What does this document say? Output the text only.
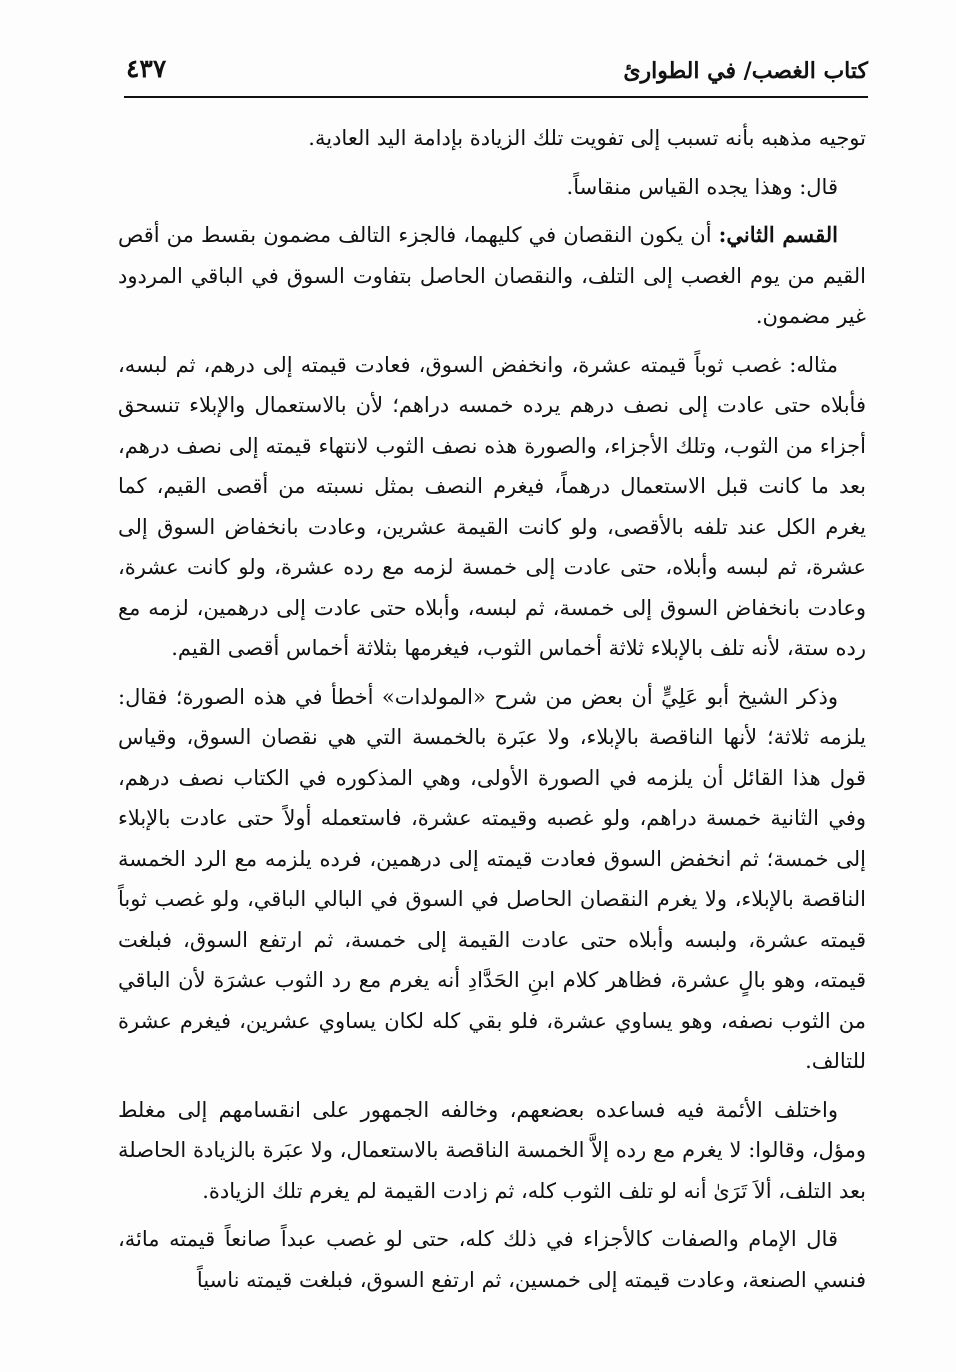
كتاب الغصب/ في الطوارئ
٤٣٧

توجيه مذهبه بأنه تسبب إلى تفويت تلك الزيادة بإدامة اليد العادية.

قال: وهذا يجده القياس منقاساً.

القسم الثاني: أن يكون النقصان في كليهما، فالجزء التالف مضمون بقسط من أقص القيم من يوم الغصب إلى التلف، والنقصان الحاصل بتفاوت السوق في الباقي المردود غير مضمون.

مثاله: غصب ثوباً قيمته عشرة، وانخفض السوق، فعادت قيمته إلى درهم، ثم لبسه، فأبلاه حتى عادت إلى نصف درهم يرده خمسه دراهم؛ لأن بالاستعمال والإبلاء تنسحق أجزاء من الثوب، وتلك الأجزاء، والصورة هذه نصف الثوب لانتهاء قيمته إلى نصف درهم، بعد ما كانت قبل الاستعمال درهماً، فيغرم النصف بمثل نسبته من أقصى القيم، كما يغرم الكل عند تلفه بالأقصى، ولو كانت القيمة عشرين، وعادت بانخفاض السوق إلى عشرة، ثم لبسه وأبلاه، حتى عادت إلى خمسة لزمه مع رده عشرة، ولو كانت عشرة، وعادت بانخفاض السوق إلى خمسة، ثم لبسه، وأبلاه حتى عادت إلى درهمين، لزمه مع رده ستة، لأنه تلف بالإبلاء ثلاثة أخماس الثوب، فيغرمها بثلاثة أخماس أقصى القيم.

وذكر الشيخ أبو عَلِيٍّ أن بعض من شرح «المولدات» أخطأ في هذه الصورة؛ فقال: يلزمه ثلاثة؛ لأنها الناقصة بالإبلاء، ولا عبَرة بالخمسة التي هي نقصان السوق، وقياس قول هذا القائل أن يلزمه في الصورة الأولى، وهي المذكوره في الكتاب نصف درهم، وفي الثانية خمسة دراهم، ولو غصبه وقيمته عشرة، فاستعمله أولاً حتى عادت بالإبلاء إلى خمسة؛ ثم انخفض السوق فعادت قيمته إلى درهمين، فرده يلزمه مع الرد الخمسة الناقصة بالإبلاء، ولا يغرم النقصان الحاصل في السوق في البالي الباقي، ولو غصب ثوباً قيمته عشرة، ولبسه وأبلاه حتى عادت القيمة إلى خمسة، ثم ارتفع السوق، فبلغت قيمته، وهو بالٍ عشرة، فظاهر كلام ابنِ الحَدَّادِ أنه يغرم مع رد الثوب عشرَة لأن الباقي من الثوب نصفه، وهو يساوي عشرة، فلو بقي كله لكان يساوي عشرين، فيغرم عشرة للتالف.

واختلف الأئمة فيه فساعده بعضعهم، وخالفه الجمهور على انقسامهم إلى مغلط ومؤل، وقالوا: لا يغرم مع رده إلاَّ الخمسة الناقصة بالاستعمال، ولا عبَرة بالزيادة الحاصلة بعد التلف، ألاَ تَرَىٰ أنه لو تلف الثوب كله، ثم زادت القيمة لم يغرم تلك الزيادة.

قال الإمام والصفات كالأجزاء في ذلك كله، حتى لو غصب عبداً صانعاً قيمته مائة، فنسي الصنعة، وعادت قيمته إلى خمسين، ثم ارتفع السوق، فبلغت قيمته ناسياً
